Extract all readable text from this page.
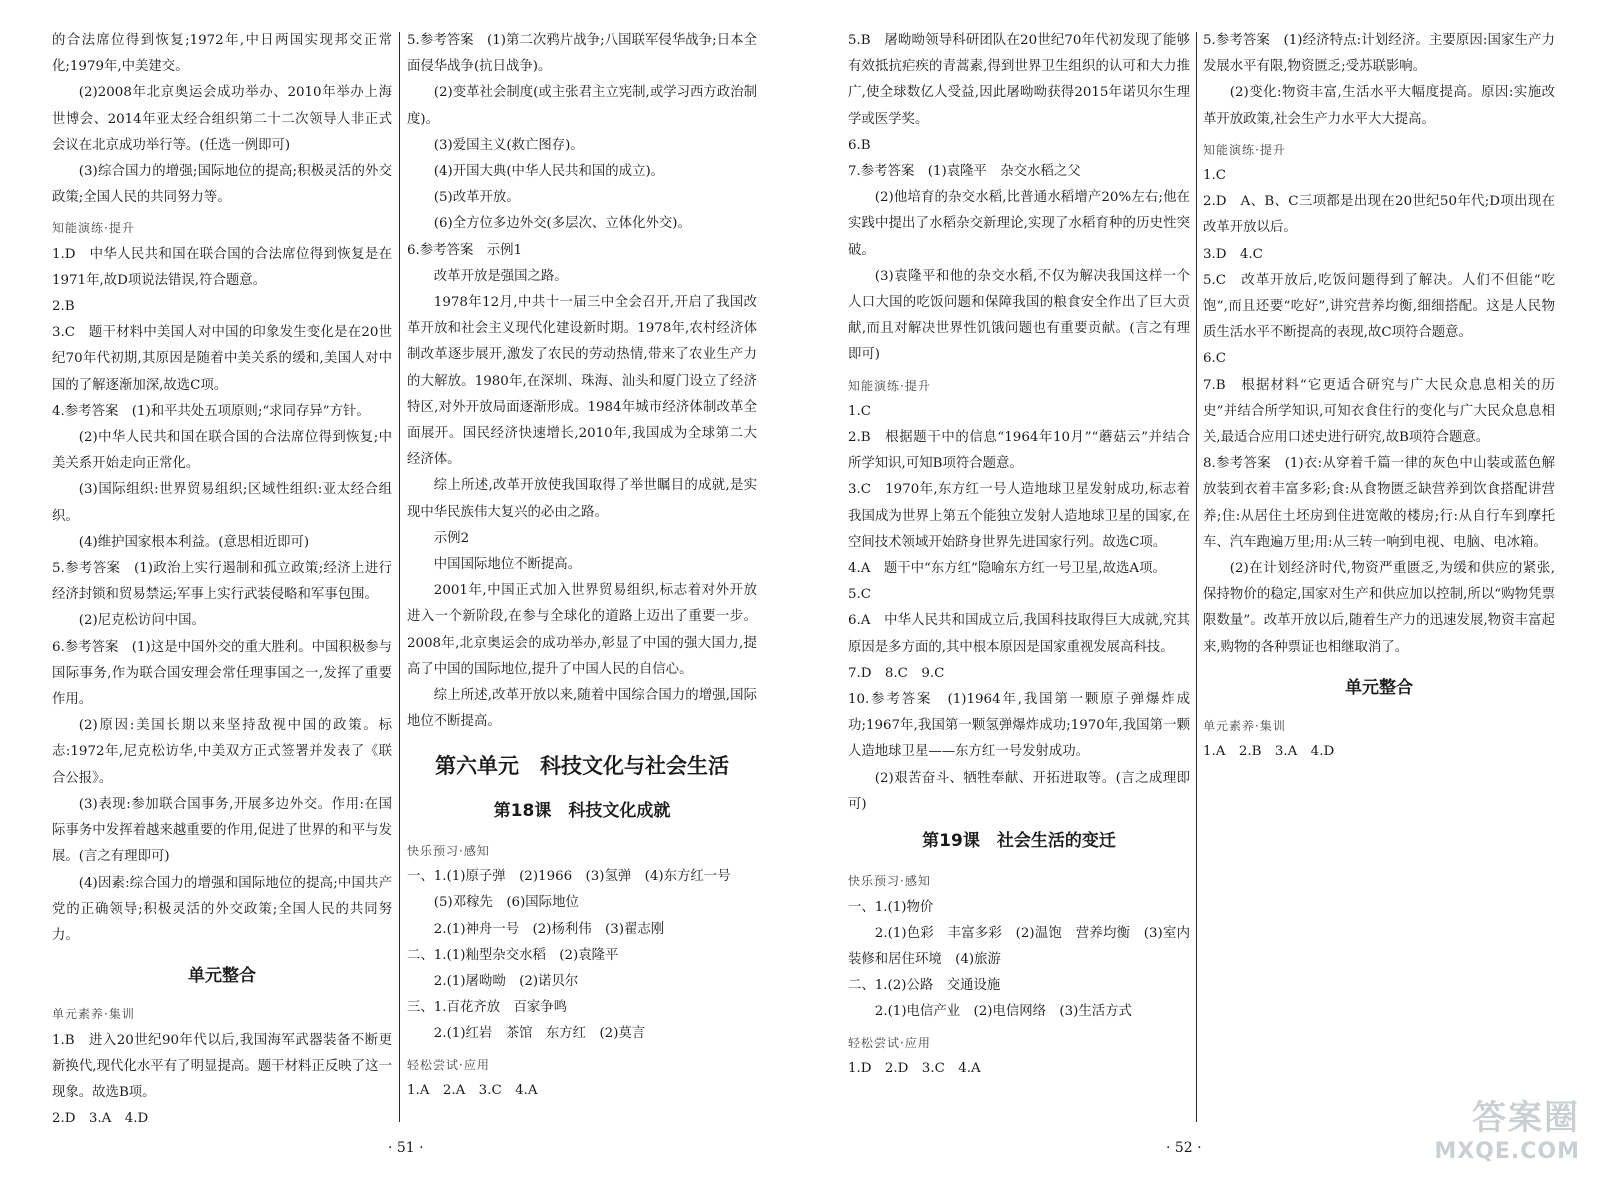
的合法席位得到恢复;1972年,中日两国实现邦交正常化;1979年,中美建交。
(2)2008年北京奥运会成功举办、2010年举办上海世博会、2014年亚太经合组织第二十二次领导人非正式会议在北京成功举行等。(任选一例即可)
(3)综合国力的增强;国际地位的提高;积极灵活的外交政策;全国人民的共同努力等。
知能演练·提升
1.D　中华人民共和国在联合国的合法席位得到恢复是在1971年,故D项说法错误,符合题意。
2.B
3.C　题干材料中美国人对中国的印象发生变化是在20世纪70年代初期,其原因是随着中美关系的缓和,美国人对中国的了解逐渐加深,故选C项。
4.参考答案　(1)和平共处五项原则;“求同存异”方针。
(2)中华人民共和国在联合国的合法席位得到恢复;中美关系开始走向正常化。
(3)国际组织:世界贸易组织;区域性组织:亚太经合组织。
(4)维护国家根本利益。(意思相近即可)
5.参考答案　(1)政治上实行遏制和孤立政策;经济上进行经济封锁和贸易禁运;军事上实行武装侵略和军事包围。
(2)尼克松访问中国。
6.参考答案　(1)这是中国外交的重大胜利。中国积极参与国际事务,作为联合国安理会常任理事国之一,发挥了重要作用。
(2)原因:美国长期以来坚持敌视中国的政策。标志:1972年,尼克松访华,中美双方正式签署并发表了《联合公报》。
(3)表现:参加联合国事务,开展多边外交。作用:在国际事务中发挥着越来越重要的作用,促进了世界的和平与发展。(言之有理即可)
(4)因素:综合国力的增强和国际地位的提高;中国共产党的正确领导;积极灵活的外交政策;全国人民的共同努力。
单元整合
单元素养·集训
1.B　进入20世纪90年代以后,我国海军武器装备不断更新换代,现代化水平有了明显提高。题干材料正反映了这一现象。故选B项。
2.D　3.A　4.D
5.参考答案　(1)第二次鸦片战争;八国联军侵华战争;日本全面侵华战争(抗日战争)。
(2)变革社会制度(或主张君主立宪制,或学习西方政治制度)。
(3)爱国主义(救亡图存)。
(4)开国大典(中华人民共和国的成立)。
(5)改革开放。
(6)全方位多边外交(多层次、立体化外交)。
6.参考答案　示例1
改革开放是强国之路。
1978年12月,中共十一届三中全会召开,开启了我国改革开放和社会主义现代化建设新时期。1978年,农村经济体制改革逐步展开,激发了农民的劳动热情,带来了农业生产力的大解放。1980年,在深圳、珠海、汕头和厦门设立了经济特区,对外开放局面逐渐形成。1984年城市经济体制改革全面展开。国民经济快速增长,2010年,我国成为全球第二大经济体。
综上所述,改革开放使我国取得了举世瞩目的成就,是实现中华民族伟大复兴的必由之路。
示例2
中国国际地位不断提高。
2001年,中国正式加入世界贸易组织,标志着对外开放进入一个新阶段,在参与全球化的道路上迈出了重要一步。2008年,北京奥运会的成功举办,彰显了中国的强大国力,提高了中国的国际地位,提升了中国人民的自信心。
综上所述,改革开放以来,随着中国综合国力的增强,国际地位不断提高。
第六单元　科技文化与社会生活
第18课　科技文化成就
快乐预习·感知
一、1.(1)原子弹　(2)1966　(3)氢弹　(4)东方红一号
(5)邓稼先　(6)国际地位
2.(1)神舟一号　(2)杨利伟　(3)翟志刚
二、1.(1)籼型杂交水稻　(2)袁隆平
2.(1)屠呦呦　(2)诺贝尔
三、1.百花齐放　百家争鸣
2.(1)红岩　茶馆　东方红　(2)莫言
轻松尝试·应用
1.A　2.A　3.C　4.A
· 51 ·
5.B　屠呦呦领导科研团队在20世纪70年代初发现了能够有效抵抗疟疾的青蒿素,得到世界卫生组织的认可和大力推广,使全球数亿人受益,因此屠呦呦获得2015年诺贝尔生理学或医学奖。
6.B
7.参考答案　(1)袁隆平　杂交水稻之父
(2)他培育的杂交水稻,比普通水稻增产20%左右;他在实践中提出了水稻杂交新理论,实现了水稻育种的历史性突破。
(3)袁隆平和他的杂交水稻,不仅为解决我国这样一个人口大国的吃饭问题和保障我国的粮食安全作出了巨大贡献,而且对解决世界性饥饿问题也有重要贡献。(言之有理即可)
知能演练·提升
1.C
2.B　根据题干中的信息“1964年10月”“蘑菇云”并结合所学知识,可知B项符合题意。
3.C　1970年,东方红一号人造地球卫星发射成功,标志着我国成为世界上第五个能独立发射人造地球卫星的国家,在空间技术领域开始跻身世界先进国家行列。故选C项。
4.A　题干中“东方红”隐喻东方红一号卫星,故选A项。
5.C
6.A　中华人民共和国成立后,我国科技取得巨大成就,究其原因是多方面的,其中根本原因是国家重视发展高科技。
7.D　8.C　9.C
10.参考答案　(1)1964年,我国第一颗原子弹爆炸成功;1967年,我国第一颗氢弹爆炸成功;1970年,我国第一颗人造地球卫星——东方红一号发射成功。
(2)艰苦奋斗、牺牲奉献、开拓进取等。(言之成理即可)
第19课　社会生活的变迁
快乐预习·感知
一、1.(1)物价
2.(1)色彩　丰富多彩　(2)温饱　营养均衡　(3)室内装修和居住环境　(4)旅游
二、1.(2)公路　交通设施
2.(1)电信产业　(2)电信网络　(3)生活方式
轻松尝试·应用
1.D　2.D　3.C　4.A
5.参考答案　(1)经济特点:计划经济。主要原因:国家生产力发展水平有限,物资匮乏;受苏联影响。
(2)变化:物资丰富,生活水平大幅度提高。原因:实施改革开放政策,社会生产力水平大大提高。
知能演练·提升
1.C
2.D　A、B、C三项都是出现在20世纪50年代;D项出现在改革开放以后。
3.D　4.C
5.C　改革开放后,吃饭问题得到了解决。人们不但能“吃饱”,而且还要“吃好”,讲究营养均衡,细细搭配。这是人民物质生活水平不断提高的表现,故C项符合题意。
6.C
7.B　根据材料“它更适合研究与广大民众息息相关的历史”并结合所学知识,可知衣食住行的变化与广大民众息息相关,最适合应用口述史进行研究,故B项符合题意。
8.参考答案　(1)衣:从穿着千篇一律的灰色中山装或蓝色解放装到衣着丰富多彩;食:从食物匮乏缺营养到饮食搭配讲营养;住:从居住土坯房到住进宽敞的楼房;行:从自行车到摩托车、汽车跑遍万里;用:从三转一响到电视、电脑、电冰箱。
(2)在计划经济时代,物资严重匮乏,为缓和供应的紧张,保持物价的稳定,国家对生产和供应加以控制,所以“购物凭票限数量”。改革开放以后,随着生产力的迅速发展,物资丰富起来,购物的各种票证也相继取消了。
单元整合
单元素养·集训
1.A　2.B　3.A　4.D
· 52 ·
答案圈
MXQE.COM
